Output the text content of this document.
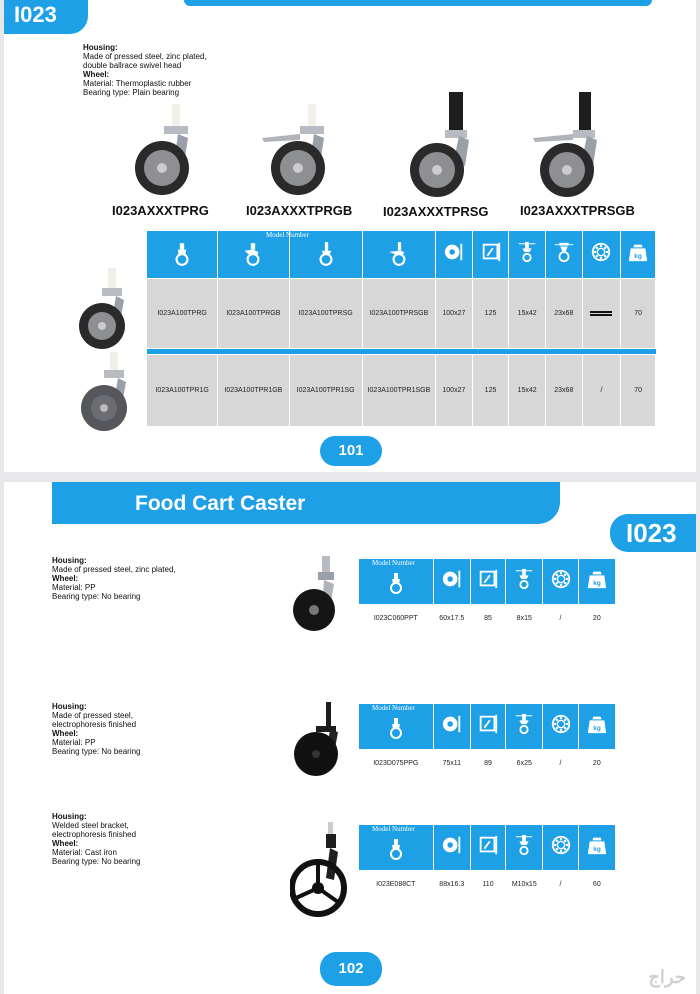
I023
Housing:
Made of pressed steel, zinc plated,
double ballrace swivel head
Wheel:
Material: Thermoplastic rubber
Bearing type: Plain bearing
I023AXXXTPRG	I023AXXXTPRGB I023AXXXTPRSG I023AXXXTPRSGB

kg

I023A100TPRG	I023A100TPRGB	I023A100TPRSG	I023A100TPRSGB	100x27	125	15x42	23x68		70

I023A100TPR1G	I023A100TPR1GB	I023A100TPR1SG	I023A100TPR1SGB	100x27	125	15x42	23x68	/	70
101
Model Number
Food Cart Caster
I023
Housing:
Made of pressed steel, zinc plated,
Wheel:
Material: PP
Bearing type: No bearing

kg

I023C060PPT	60x17.5	85	8x15	/	20
Model Number
Housing:
Made of pressed steel,
electrophoresis finished
Wheel:
Material: PP
Bearing type: No bearing

kg

I023D075PPG	75x11	89	6x25	/	20
Model Number
Housing:
Welded steel bracket,
electrophoresis finished
Wheel:
Material: Cast iron
Bearing type: No bearing

kg

I023E088CT	88x16.3	110	M10x15	/	60
Model Number
102	حراج
